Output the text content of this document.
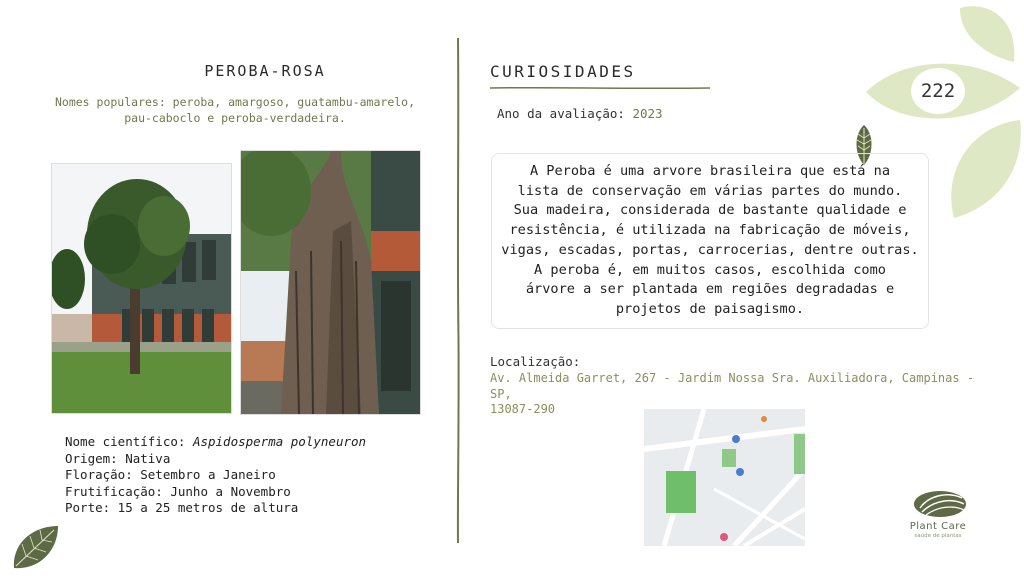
222
PEROBA-ROSA
Nomes populares: peroba, amargoso, guatambu-amarelo,
pau-caboclo e peroba-verdadeira.
Nome científico: Aspidosperma polyneuron
Origem: Nativa
Floração: Setembro a Janeiro
Frutificação: Junho a Novembro
Porte: 15 a 25 metros de altura
CURIOSIDADES
Ano da avaliação: 2023
A Peroba é uma arvore brasileira que está na
lista de conservação em várias partes do mundo.
Sua madeira, considerada de bastante qualidade e
resistência, é utilizada na fabricação de móveis,
vigas, escadas, portas, carrocerias, dentre outras.
A peroba é, em muitos casos, escolhida como
árvore a ser plantada em regiões degradadas e
projetos de paisagismo.
Localização:
Av. Almeida Garret, 267 - Jardim Nossa Sra. Auxiliadora, Campinas - SP,
13087-290
Plant Care
saúde de plantas
